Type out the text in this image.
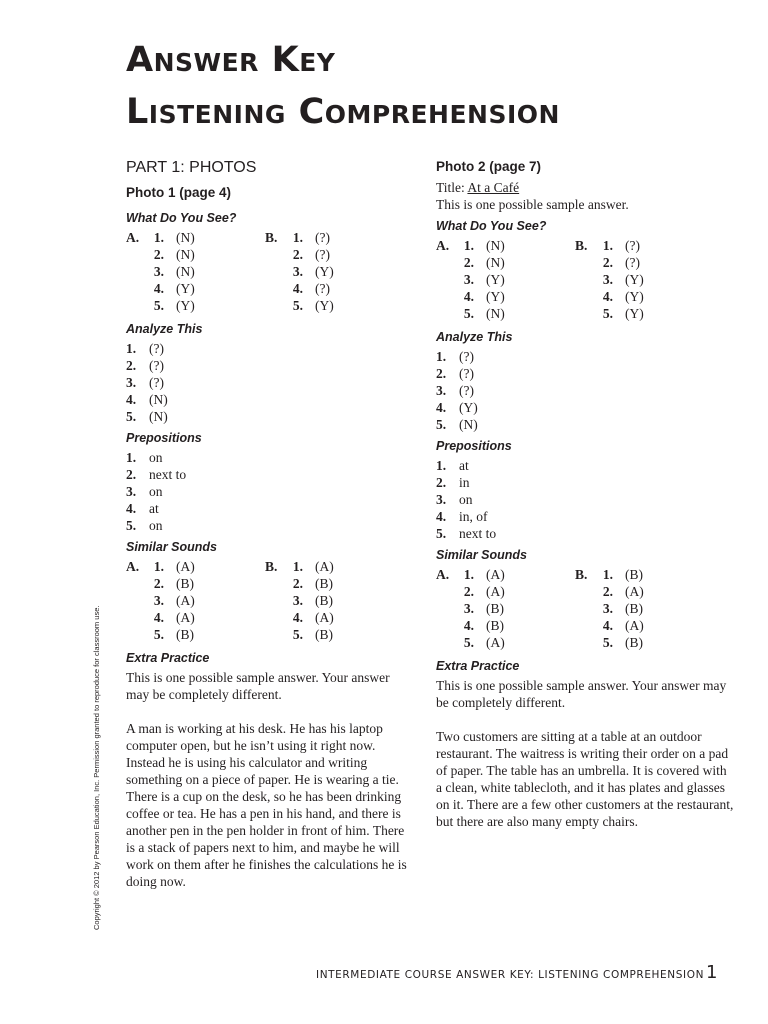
Answer Key
Listening Comprehension
PART 1: PHOTOS
Photo 1 (page 4)
What Do You See?
A.	1. (N)
2. (N)
3. (N)
4. (Y)
5. (Y)
B.	1. (?)
2. (?)
3. (Y)
4. (?)
5. (Y)
Analyze This
1. (?)
2. (?)
3. (?)
4. (N)
5. (N)
Prepositions
1. on
2. next to
3. on
4. at
5. on
Similar Sounds
A.	1. (A)
2. (B)
3. (A)
4. (A)
5. (B)
B.	1. (A)
2. (B)
3. (B)
4. (A)
5. (B)
Extra Practice

This is one possible sample answer. Your answer may be completely different.

A man is working at his desk. He has his laptop computer open, but he isn’t using it right now. Instead he is using his calculator and writing something on a piece of paper. He is wearing a tie. There is a cup on the desk, so he has been drinking coffee or tea. He has a pen in his hand, and there is another pen in the pen holder in front of him. There is a stack of papers next to him, and maybe he will work on them after he finishes the calculations he is doing now.

Photo 2 (page 7)
Title: At a Café
This is one possible sample answer.
What Do You See?
A.	1. (N)
2. (N)
3. (Y)
4. (Y)
5. (N)
B.	1. (?)
2. (?)
3. (Y)
4. (Y)
5. (Y)
Analyze This
1. (?)
2. (?)
3. (?)
4. (Y)
5. (N)
Prepositions
1. at
2. in
3. on
4. in, of
5. next to
Similar Sounds
A.	1. (A)
2. (A)
3. (B)
4. (B)
5. (A)
B.	1. (B)
2. (A)
3. (B)
4. (A)
5. (B)
Extra Practice

This is one possible sample answer. Your answer may be completely different.

Two customers are sitting at a table at an outdoor restaurant. The waitress is writing their order on a pad of paper. The table has an umbrella. It is covered with a clean, white tablecloth, and it has plates and glasses on it. There are a few other customers at the restaurant, but there are also many empty chairs.

Copyright © 2012 by Pearson Education, Inc. Permission granted to reproduce for classroom use.
INTERMEDIATE COURSE ANSWER KEY: LISTENING COMPREHENSION 1
